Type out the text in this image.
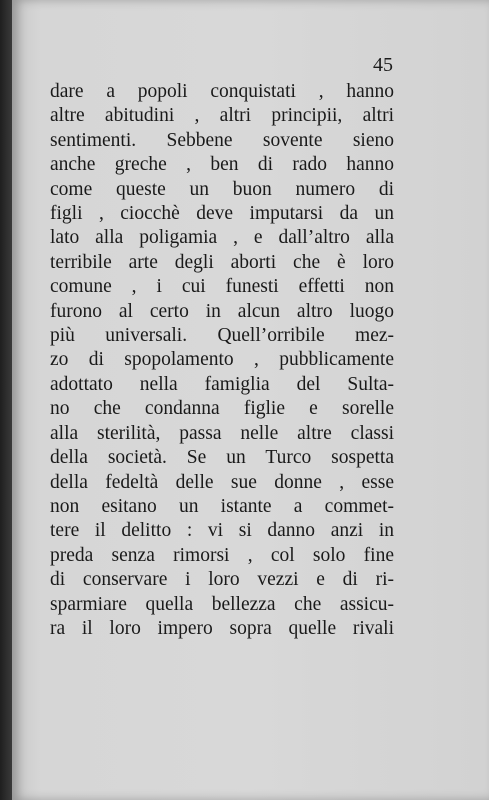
45
dare a popoli conquistati , hanno
altre abitudini , altri principii, altri
sentimenti. Sebbene sovente sieno
anche greche , ben di rado hanno
come queste un buon numero di
figli , ciocchè deve imputarsi da un
lato alla poligamia , e dall’altro alla
terribile arte degli aborti che è loro
comune , i cui funesti effetti non
furono al certo in alcun altro luogo
più universali. Quell’orribile mez-
zo di spopolamento , pubblicamente
adottato nella famiglia del Sulta-
no che condanna figlie e sorelle
alla sterilità, passa nelle altre classi
della società. Se un Turco sospetta
della fedeltà delle sue donne , esse
non esitano un istante a commet-
tere il delitto : vi si danno anzi in
preda senza rimorsi , col solo fine
di conservare i loro vezzi e di ri-
sparmiare quella bellezza che assicu-
ra il loro impero sopra quelle rivali
